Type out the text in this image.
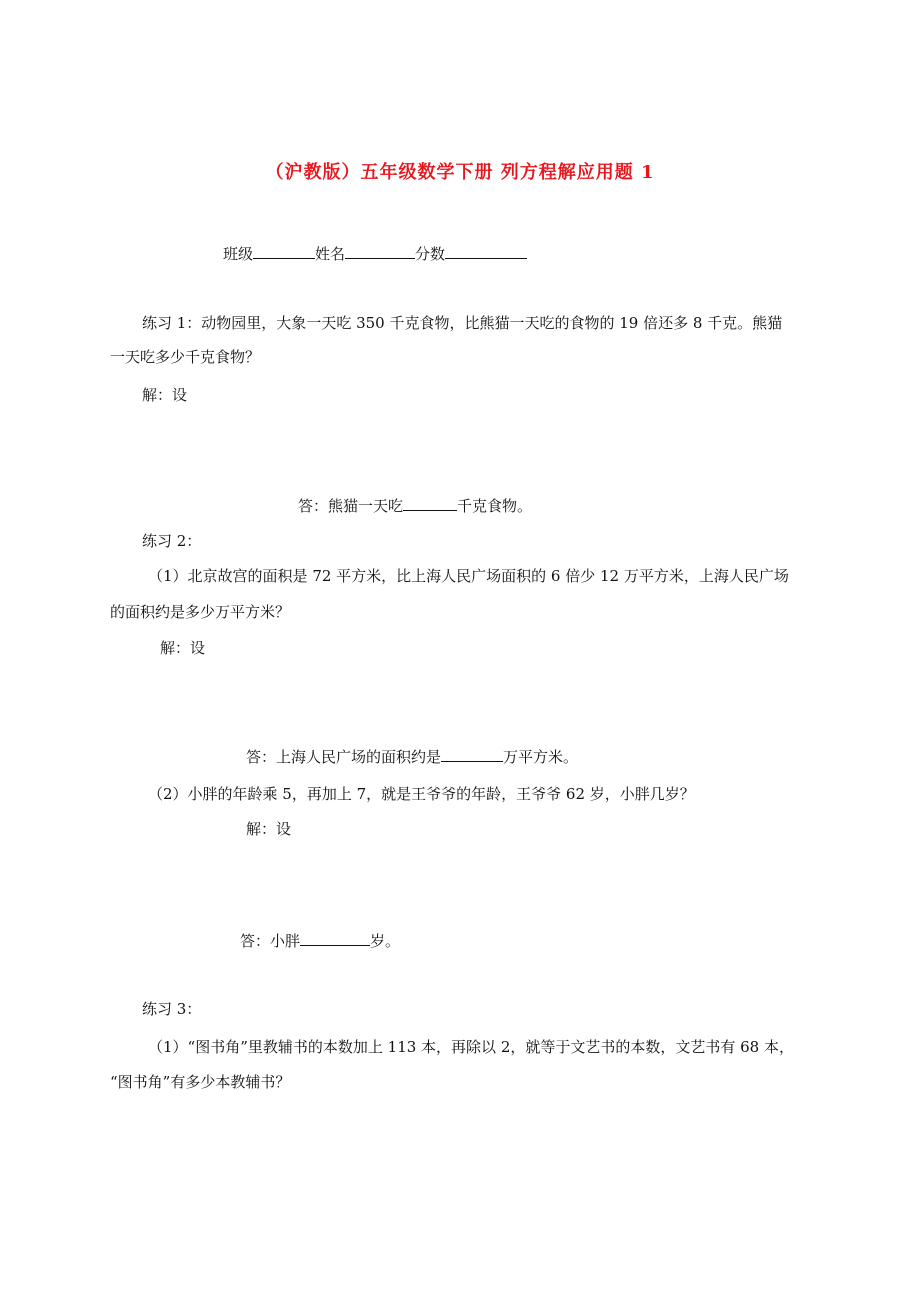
（沪教版）五年级数学下册 列方程解应用题 1
班级	姓名	分数
练习 1：动物园里，大象一天吃 350 千克食物，比熊猫一天吃的食物的 19 倍还多 8 千克。熊猫
一天吃多少千克食物？
解：设
答：熊猫一天吃	千克食物。
练习 2：
（1）北京故宫的面积是 72 平方米，比上海人民广场面积的 6 倍少 12 万平方米，上海人民广场
的面积约是多少万平方米？
解：设
答：上海人民广场的面积约是	万平方米。
（2）小胖的年龄乘 5，再加上 7，就是王爷爷的年龄，王爷爷 62 岁，小胖几岁？
解：设
答：小胖	岁。
练习 3：
（1）“图书角”里教辅书的本数加上 113 本，再除以 2，就等于文艺书的本数，文艺书有 68 本，
“图书角”有多少本教辅书？
